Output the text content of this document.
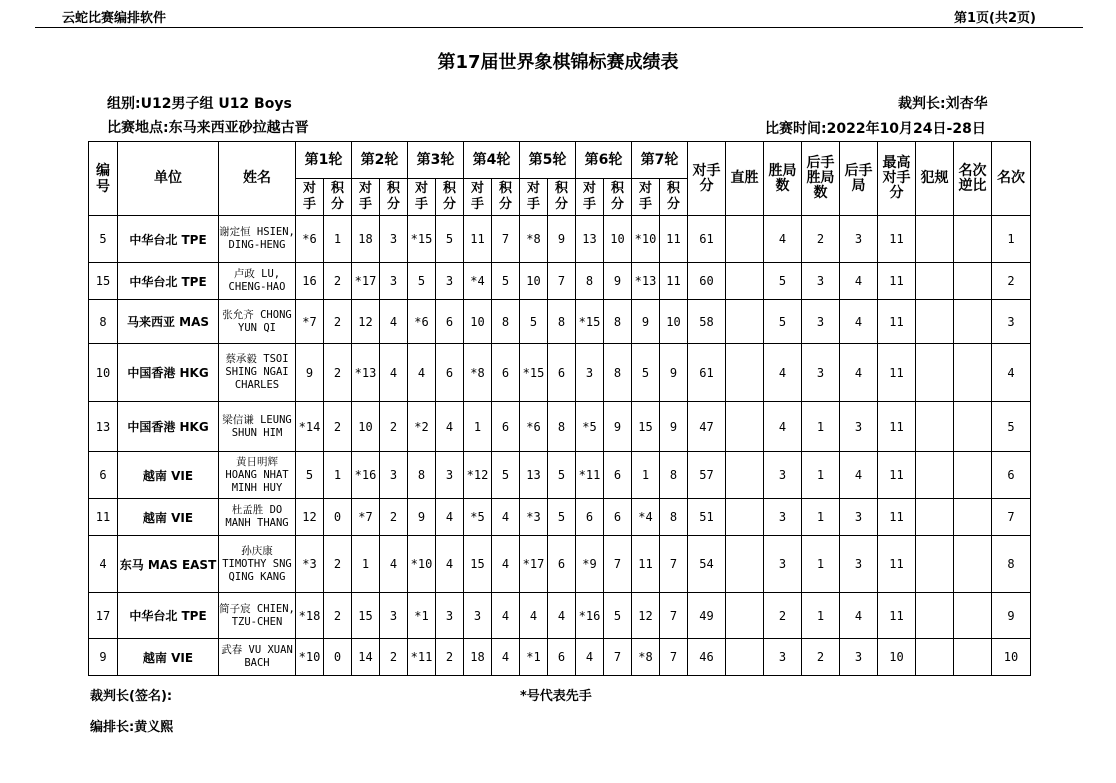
云蛇比赛编排软件	第1页(共2页)
第17届世界象棋锦标赛成绩表
组别:U12男子组 U12 Boys
比赛地点:东马来西亚砂拉越古晋
裁判长:刘杏华
比赛时间:2022年10月24日-28日
编号	单位	姓名	第1轮		第2轮		第3轮		第4轮		第5轮		第6轮		第7轮		对手分	直胜	胜局数	后手胜局数	后手局	最高对手分	犯规	名次逆比	名次

			对手	积分	对手	积分	对手	积分	对手	积分	对手	积分	对手	积分	对手	积分									

5	中华台北 TPE	谢定恒 HSIEN, DING-HENG	*6	1	18	3	*15	5	11	7	*8	9	13	10	*10	11	61		4	2	3	11			1
15	中华台北 TPE	卢政 LU, CHENG-HAO	16	2	*17	3	5	3	*4	5	10	7	8	9	*13	11	60		5	3	4	11			2
8	马来西亚 MAS	张允齐 CHONG YUN QI	*7	2	12	4	*6	6	10	8	5	8	*15	8	9	10	58		5	3	4	11			3
10	中国香港 HKG	蔡承毅 TSOI SHING NGAI CHARLES	9	2	*13	4	4	6	*8	6	*15	6	3	8	5	9	61		4	3	4	11			4
13	中国香港 HKG	梁信谦 LEUNG SHUN HIM	*14	2	10	2	*2	4	1	6	*6	8	*5	9	15	9	47		4	1	3	11			5
6	越南 VIE	黄日明辉 HOANG NHAT MINH HUY	5	1	*16	3	8	3	*12	5	13	5	*11	6	1	8	57		3	1	4	11			6
11	越南 VIE	杜孟胜 DO MANH THANG	12	0	*7	2	9	4	*5	4	*3	5	6	6	*4	8	51		3	1	3	11			7
4	东马 MAS EAST	孙庆康 TIMOTHY SNG QING KANG	*3	2	1	4	*10	4	15	4	*17	6	*9	7	11	7	54		3	1	3	11			8
17	中华台北 TPE	简子宸 CHIEN, TZU-CHEN	*18	2	15	3	*1	3	3	4	4	4	*16	5	12	7	49		2	1	4	11			9
9	越南 VIE	武春 VU XUAN BACH	*10	0	14	2	*11	2	18	4	*1	6	4	7	*8	7	46		3	2	3	10			10
裁判长(签名):	*号代表先手
编排长:黄义熙
